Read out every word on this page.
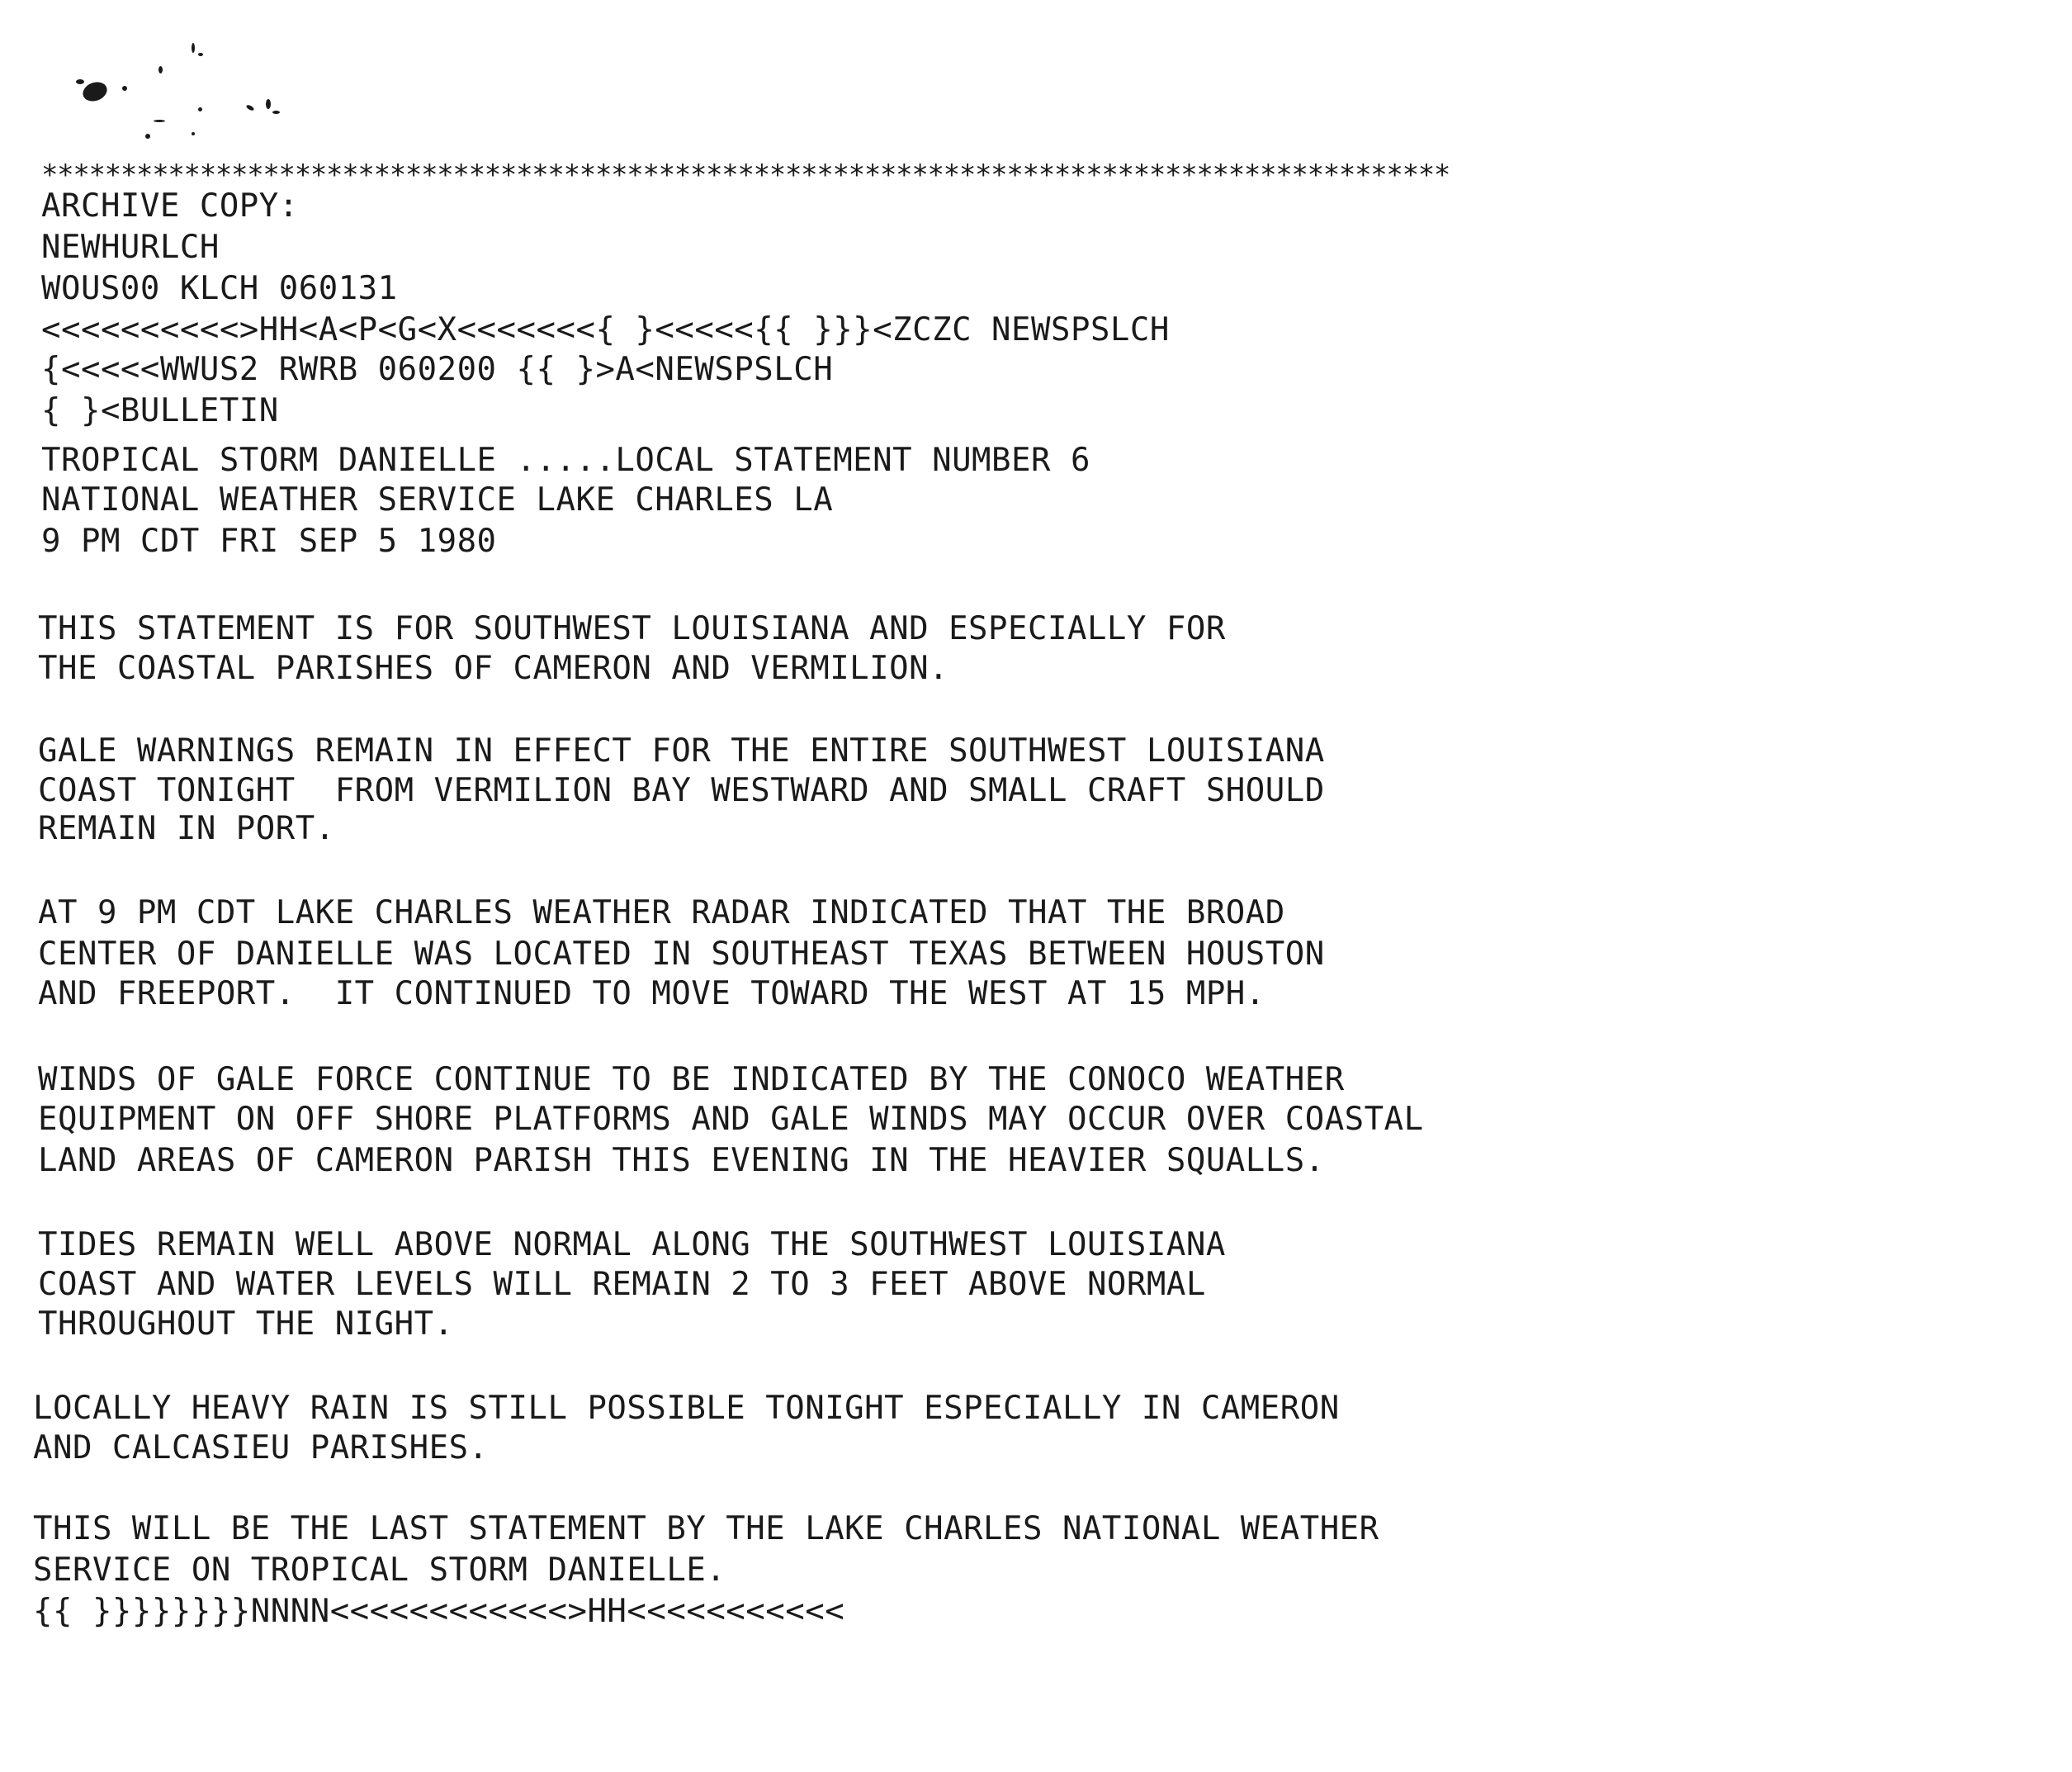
*****************************************************************************************
ARCHIVE COPY:
NEWHURLCH
WOUS00 KLCH 060131
<<<<<<<<<<>HH<A<P<G<X<<<<<<<{ }<<<<<{{ }}}<ZCZC NEWSPSLCH
{<<<<<WWUS2 RWRB 060200 {{ }>A<NEWSPSLCH
{ }<BULLETIN
TROPICAL STORM DANIELLE .....LOCAL STATEMENT NUMBER 6
NATIONAL WEATHER SERVICE LAKE CHARLES LA
9 PM CDT FRI SEP 5 1980
THIS STATEMENT IS FOR SOUTHWEST LOUISIANA AND ESPECIALLY FOR
THE COASTAL PARISHES OF CAMERON AND VERMILION.
GALE WARNINGS REMAIN IN EFFECT FOR THE ENTIRE SOUTHWEST LOUISIANA
COAST TONIGHT  FROM VERMILION BAY WESTWARD AND SMALL CRAFT SHOULD
REMAIN IN PORT.
AT 9 PM CDT LAKE CHARLES WEATHER RADAR INDICATED THAT THE BROAD
CENTER OF DANIELLE WAS LOCATED IN SOUTHEAST TEXAS BETWEEN HOUSTON
AND FREEPORT.  IT CONTINUED TO MOVE TOWARD THE WEST AT 15 MPH.
WINDS OF GALE FORCE CONTINUE TO BE INDICATED BY THE CONOCO WEATHER
EQUIPMENT ON OFF SHORE PLATFORMS AND GALE WINDS MAY OCCUR OVER COASTAL
LAND AREAS OF CAMERON PARISH THIS EVENING IN THE HEAVIER SQUALLS.
TIDES REMAIN WELL ABOVE NORMAL ALONG THE SOUTHWEST LOUISIANA
COAST AND WATER LEVELS WILL REMAIN 2 TO 3 FEET ABOVE NORMAL
THROUGHOUT THE NIGHT.
LOCALLY HEAVY RAIN IS STILL POSSIBLE TONIGHT ESPECIALLY IN CAMERON
AND CALCASIEU PARISHES.
THIS WILL BE THE LAST STATEMENT BY THE LAKE CHARLES NATIONAL WEATHER
SERVICE ON TROPICAL STORM DANIELLE.
{{ }}}}}}}}NNNN<<<<<<<<<<<<>HH<<<<<<<<<<<
